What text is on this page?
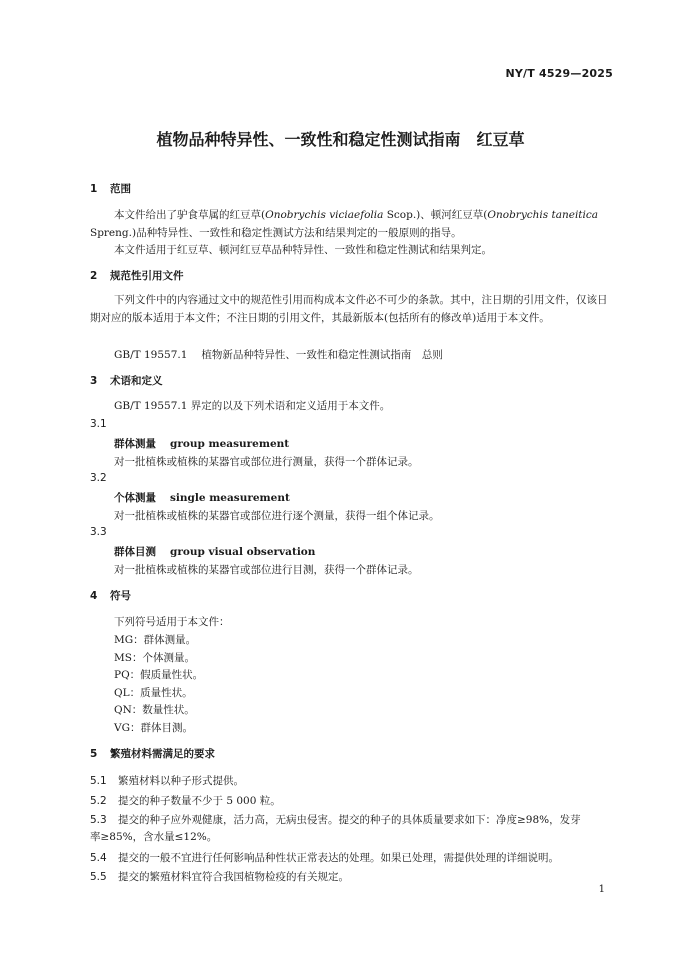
NY/T 4529—2025
植物品种特异性、一致性和稳定性测试指南　红豆草
1 范围
本文件给出了驴食草属的红豆草(Onobrychis viciaefolia Scop.)、顿河红豆草(Onobrychis taneitica
Spreng.)品种特异性、一致性和稳定性测试方法和结果判定的一般原则的指导。
本文件适用于红豆草、顿河红豆草品种特异性、一致性和稳定性测试和结果判定。
2 规范性引用文件
下列文件中的内容通过文中的规范性引用而构成本文件必不可少的条款。其中，注日期的引用文件，仅该日期对应的版本适用于本文件；不注日期的引用文件，其最新版本(包括所有的修改单)适用于本文件。
GB/T 19557.1 植物新品种特异性、一致性和稳定性测试指南　总则
3 术语和定义
GB/T 19557.1 界定的以及下列术语和定义适用于本文件。
3.1
群体测量 group measurement
对一批植株或植株的某器官或部位进行测量，获得一个群体记录。
3.2
个体测量 single measurement
对一批植株或植株的某器官或部位进行逐个测量，获得一组个体记录。
3.3
群体目测 group visual observation
对一批植株或植株的某器官或部位进行目测，获得一个群体记录。
4 符号
下列符号适用于本文件：
MG：群体测量。
MS：个体测量。
PQ：假质量性状。
QL：质量性状。
QN：数量性状。
VG：群体目测。
5 繁殖材料需满足的要求
5.1 繁殖材料以种子形式提供。
5.2 提交的种子数量不少于 5 000 粒。
5.3 提交的种子应外观健康，活力高，无病虫侵害。提交的种子的具体质量要求如下：净度≥98%，发芽
率≥85%，含水量≤12%。
5.4 提交的一般不宜进行任何影响品种性状正常表达的处理。如果已处理，需提供处理的详细说明。
5.5 提交的繁殖材料宜符合我国植物检疫的有关规定。
1
